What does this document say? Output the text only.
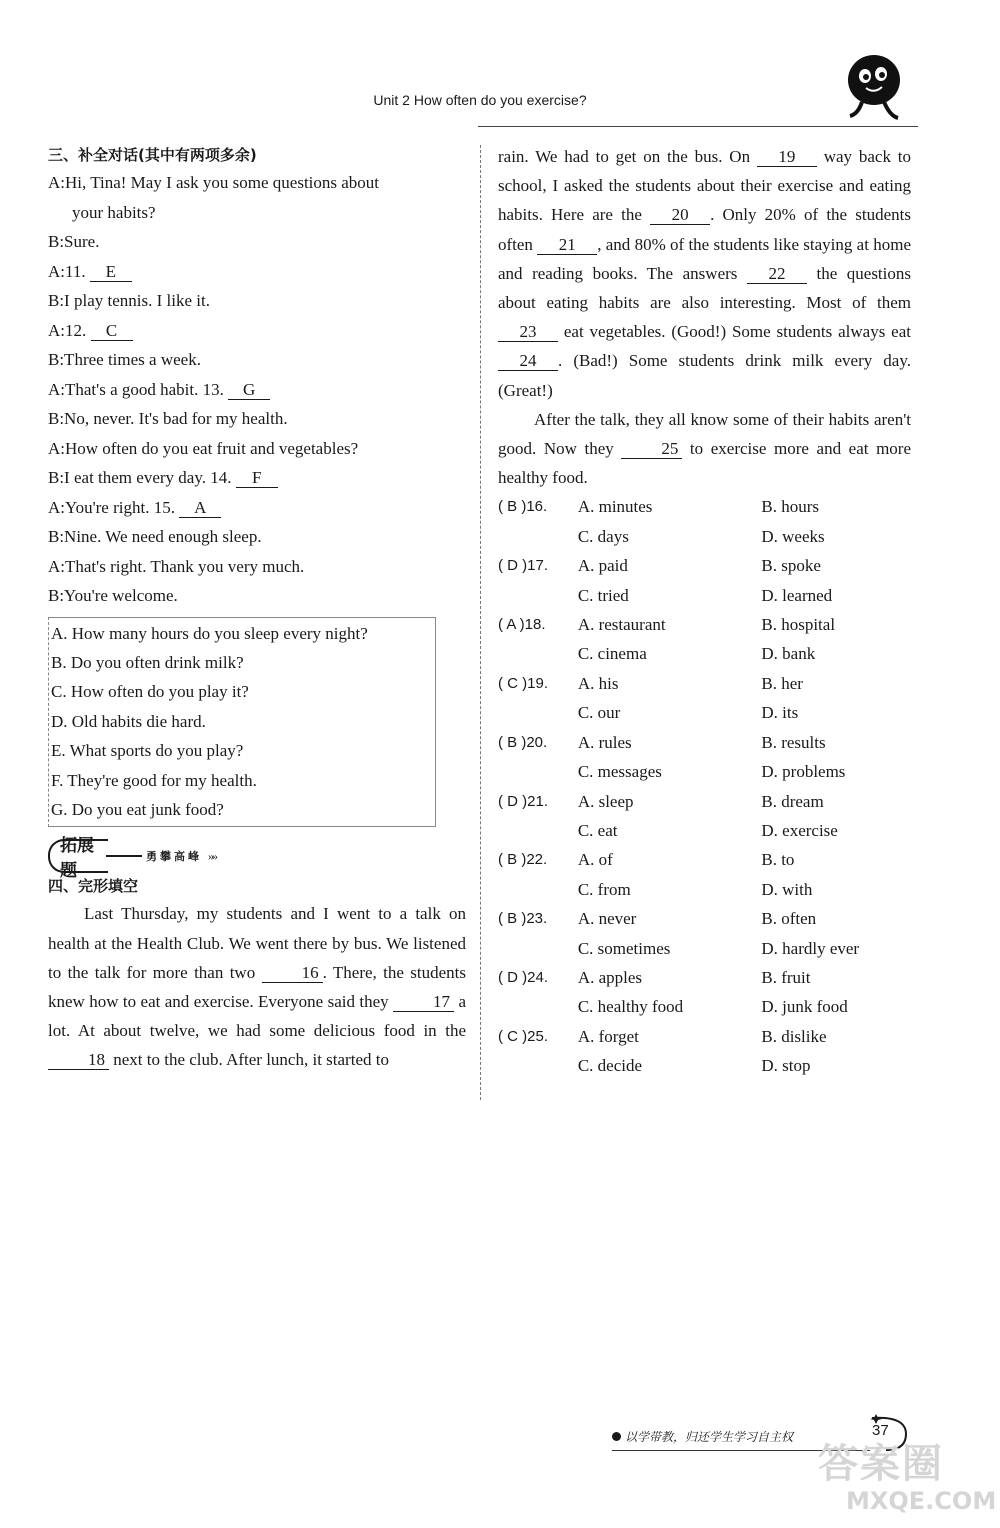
Unit 2 How often do you exercise?
三、补全对话(其中有两项多余)
A:Hi, Tina! May I ask you some questions about
your habits?
B:Sure.
A:11. E
B:I play tennis. I like it.
A:12. C
B:Three times a week.
A:That's a good habit. 13. G
B:No, never. It's bad for my health.
A:How often do you eat fruit and vegetables?
B:I eat them every day. 14. F
A:You're right. 15. A
B:Nine. We need enough sleep.
A:That's right. Thank you very much.
B:You're welcome.
A. How many hours do you sleep every night?
B. Do you often drink milk?
C. How often do you play it?
D. Old habits die hard.
E. What sports do you play?
F. They're good for my health.
G. Do you eat junk food?
拓展题
勇攀高峰 »»
四、完形填空
Last Thursday, my students and I went to a talk on health at the Health Club. We went there by bus. We listened to the talk for more than two 16 . There, the students knew how to eat and exercise. Everyone said they 17 a lot. At about twelve, we had some delicious food in the 18 next to the club. After lunch, it started to
rain. We had to get on the bus. On 19 way back to school, I asked the students about their exercise and eating habits. Here are the 20 . Only 20% of the students often 21 , and 80% of the students like staying at home and reading books. The answers 22 the questions about eating habits are also interesting. Most of them 23 eat vegetables. (Good!) Some students always eat 24 . (Bad!) Some students drink milk every day. (Great!)
After the talk, they all know some of their habits aren't good. Now they 25 to exercise more and eat more healthy food.
( B )16.	A. minutes	B. hours
C. days	D. weeks
( D )17.	A. paid	B. spoke
C. tried	D. learned
( A )18.	A. restaurant	B. hospital
C. cinema	D. bank
( C )19.	A. his	B. her
C. our	D. its
( B )20.	A. rules	B. results
C. messages	D. problems
( D )21.	A. sleep	B. dream
C. eat	D. exercise
( B )22.	A. of	B. to
C. from	D. with
( B )23.	A. never	B. often
C. sometimes	D. hardly ever
( D )24.	A. apples	B. fruit
C. healthy food	D. junk food
( C )25.	A. forget	B. dislike
C. decide	D. stop
以学带教，归还学生学习自主权	37
答案圈
MXQE.COM
